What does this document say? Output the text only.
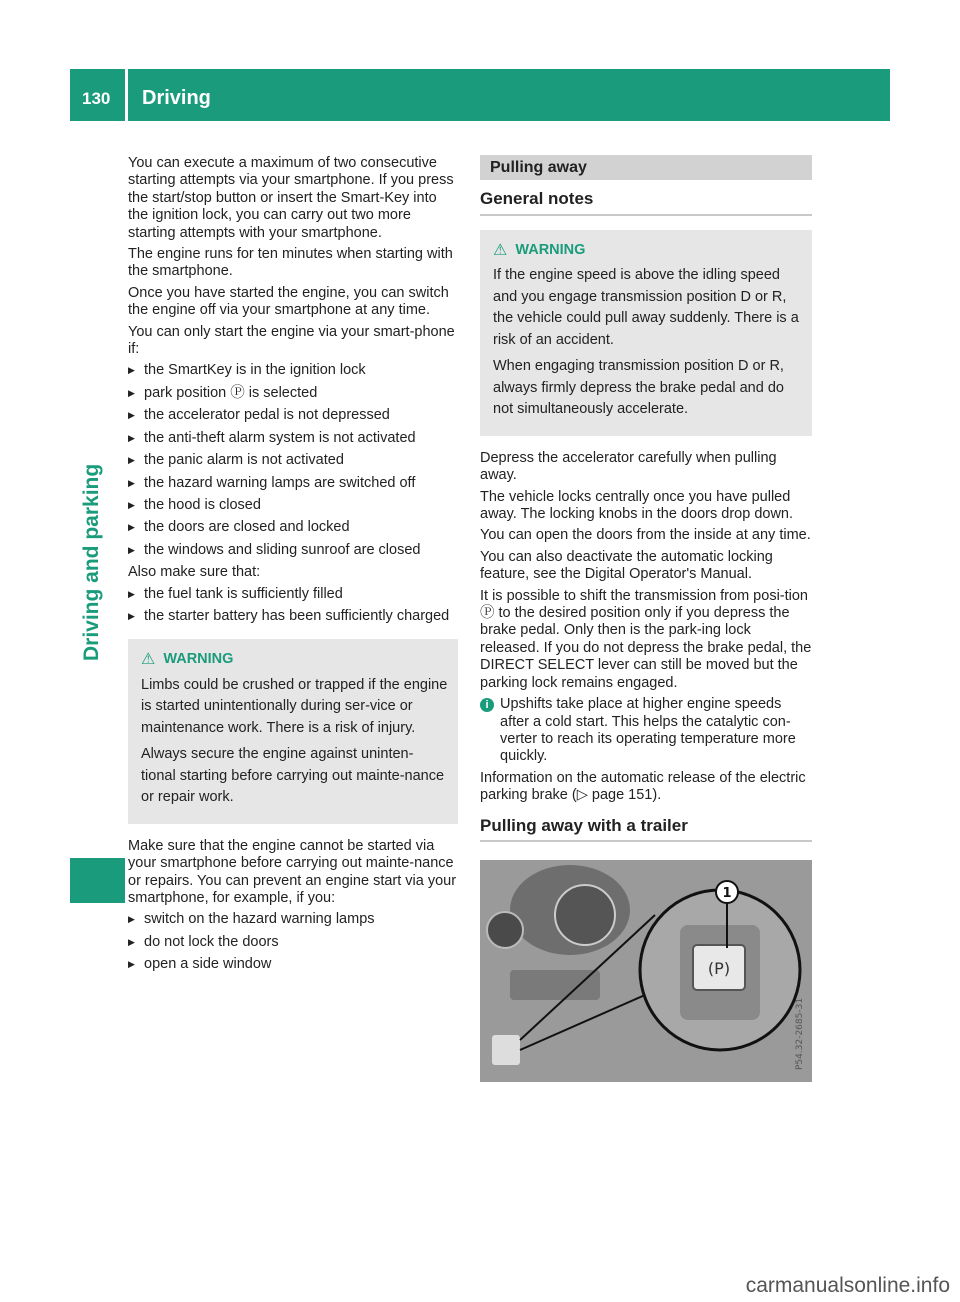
130 Driving
Driving and parking

You can execute a maximum of two consecutive starting attempts via your smartphone. If you press the start/stop button or insert the Smart-Key into the ignition lock, you can carry out two more starting attempts with your smartphone.

The engine runs for ten minutes when starting with the smartphone.

Once you have started the engine, you can switch the engine off via your smartphone at any time.

You can only start the engine via your smart-phone if:

▶ the SmartKey is in the ignition lock
▶ park position Ⓟ is selected
▶ the accelerator pedal is not depressed
▶ the anti-theft alarm system is not activated
▶ the panic alarm is not activated
▶ the hazard warning lamps are switched off
▶ the hood is closed
▶ the doors are closed and locked
▶ the windows and sliding sunroof are closed

Also make sure that:

▶ the fuel tank is sufficiently filled
▶ the starter battery has been sufficiently charged
⚠ WARNING

Limbs could be crushed or trapped if the engine is started unintentionally during ser-vice or maintenance work. There is a risk of injury.

Always secure the engine against uninten-tional starting before carrying out mainte-nance or repair work.

Make sure that the engine cannot be started via your smartphone before carrying out mainte-nance or repairs. You can prevent an engine start via your smartphone, for example, if you:

▶ switch on the hazard warning lamps
▶ do not lock the doors
▶ open a side window
Pulling away
General notes
⚠ WARNING

If the engine speed is above the idling speed and you engage transmission position D or R, the vehicle could pull away suddenly. There is a risk of an accident.

When engaging transmission position D or R, always firmly depress the brake pedal and do not simultaneously accelerate.

Depress the accelerator carefully when pulling away.

The vehicle locks centrally once you have pulled away. The locking knobs in the doors drop down.

You can open the doors from the inside at any time.

You can also deactivate the automatic locking feature, see the Digital Operator's Manual.

It is possible to shift the transmission from posi-tion Ⓟ to the desired position only if you depress the brake pedal. Only then is the park-ing lock released. If you do not depress the brake pedal, the DIRECT SELECT lever can still be moved but the parking lock remains engaged.

i Upshifts take place at higher engine speeds after a cold start. This helps the catalytic con-verter to reach its operating temperature more quickly.

Information on the automatic release of the electric parking brake (▷ page 151).

Pulling away with a trailer
(P)
1
P54.32-2685-31
carmanualsonline.info
